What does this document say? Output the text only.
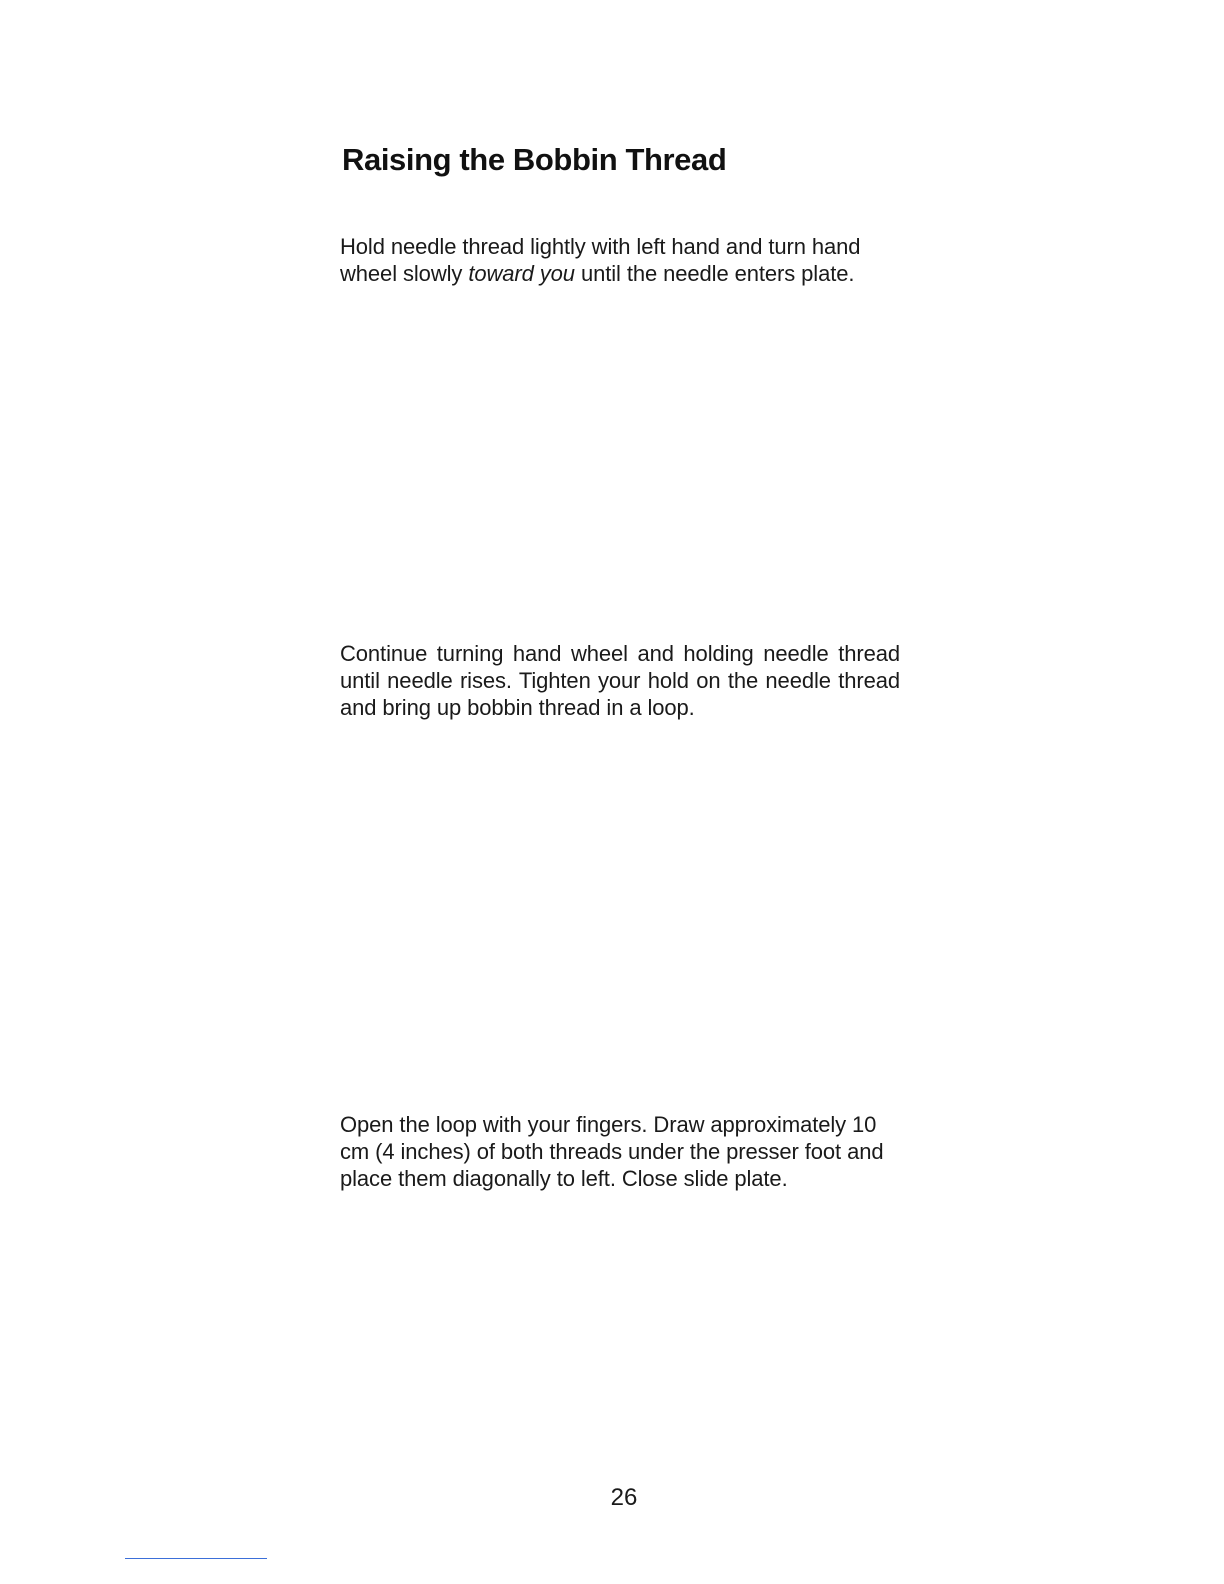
Raising the Bobbin Thread

Hold needle thread lightly with left hand and turn hand wheel slowly toward you until the needle enters plate.

Continue turning hand wheel and holding needle thread until needle rises. Tighten your hold on the needle thread and bring up bobbin thread in a loop.

Open the loop with your fingers. Draw approximately 10 cm (4 inches) of both threads under the presser foot and place them diagonally to left. Close slide plate.

26
